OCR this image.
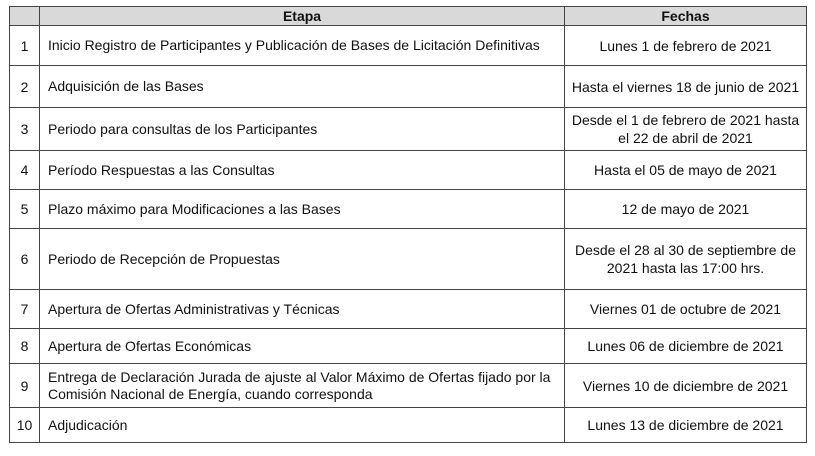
	Etapa	Fechas
1	Inicio Registro de Participantes y Publicación de Bases de Licitación Definitivas	Lunes 1 de febrero de 2021
2	Adquisición de las Bases	Hasta el viernes 18 de junio de 2021
3	Periodo para consultas de los Participantes	Desde el 1 de febrero de 2021 hasta el 22 de abril de 2021
4	Período Respuestas a las Consultas	Hasta el 05 de mayo de 2021
5	Plazo máximo para Modificaciones a las Bases	12 de mayo de 2021
6	Periodo de Recepción de Propuestas	Desde el 28 al 30 de septiembre de 2021 hasta las 17:00 hrs.
7	Apertura de Ofertas Administrativas y Técnicas	Viernes 01 de octubre de 2021
8	Apertura de Ofertas Económicas	Lunes 06 de diciembre de 2021
9	Entrega de Declaración Jurada de ajuste al Valor Máximo de Ofertas fijado por la Comisión Nacional de Energía, cuando corresponda	Viernes 10 de diciembre de 2021
10	Adjudicación	Lunes 13 de diciembre de 2021
